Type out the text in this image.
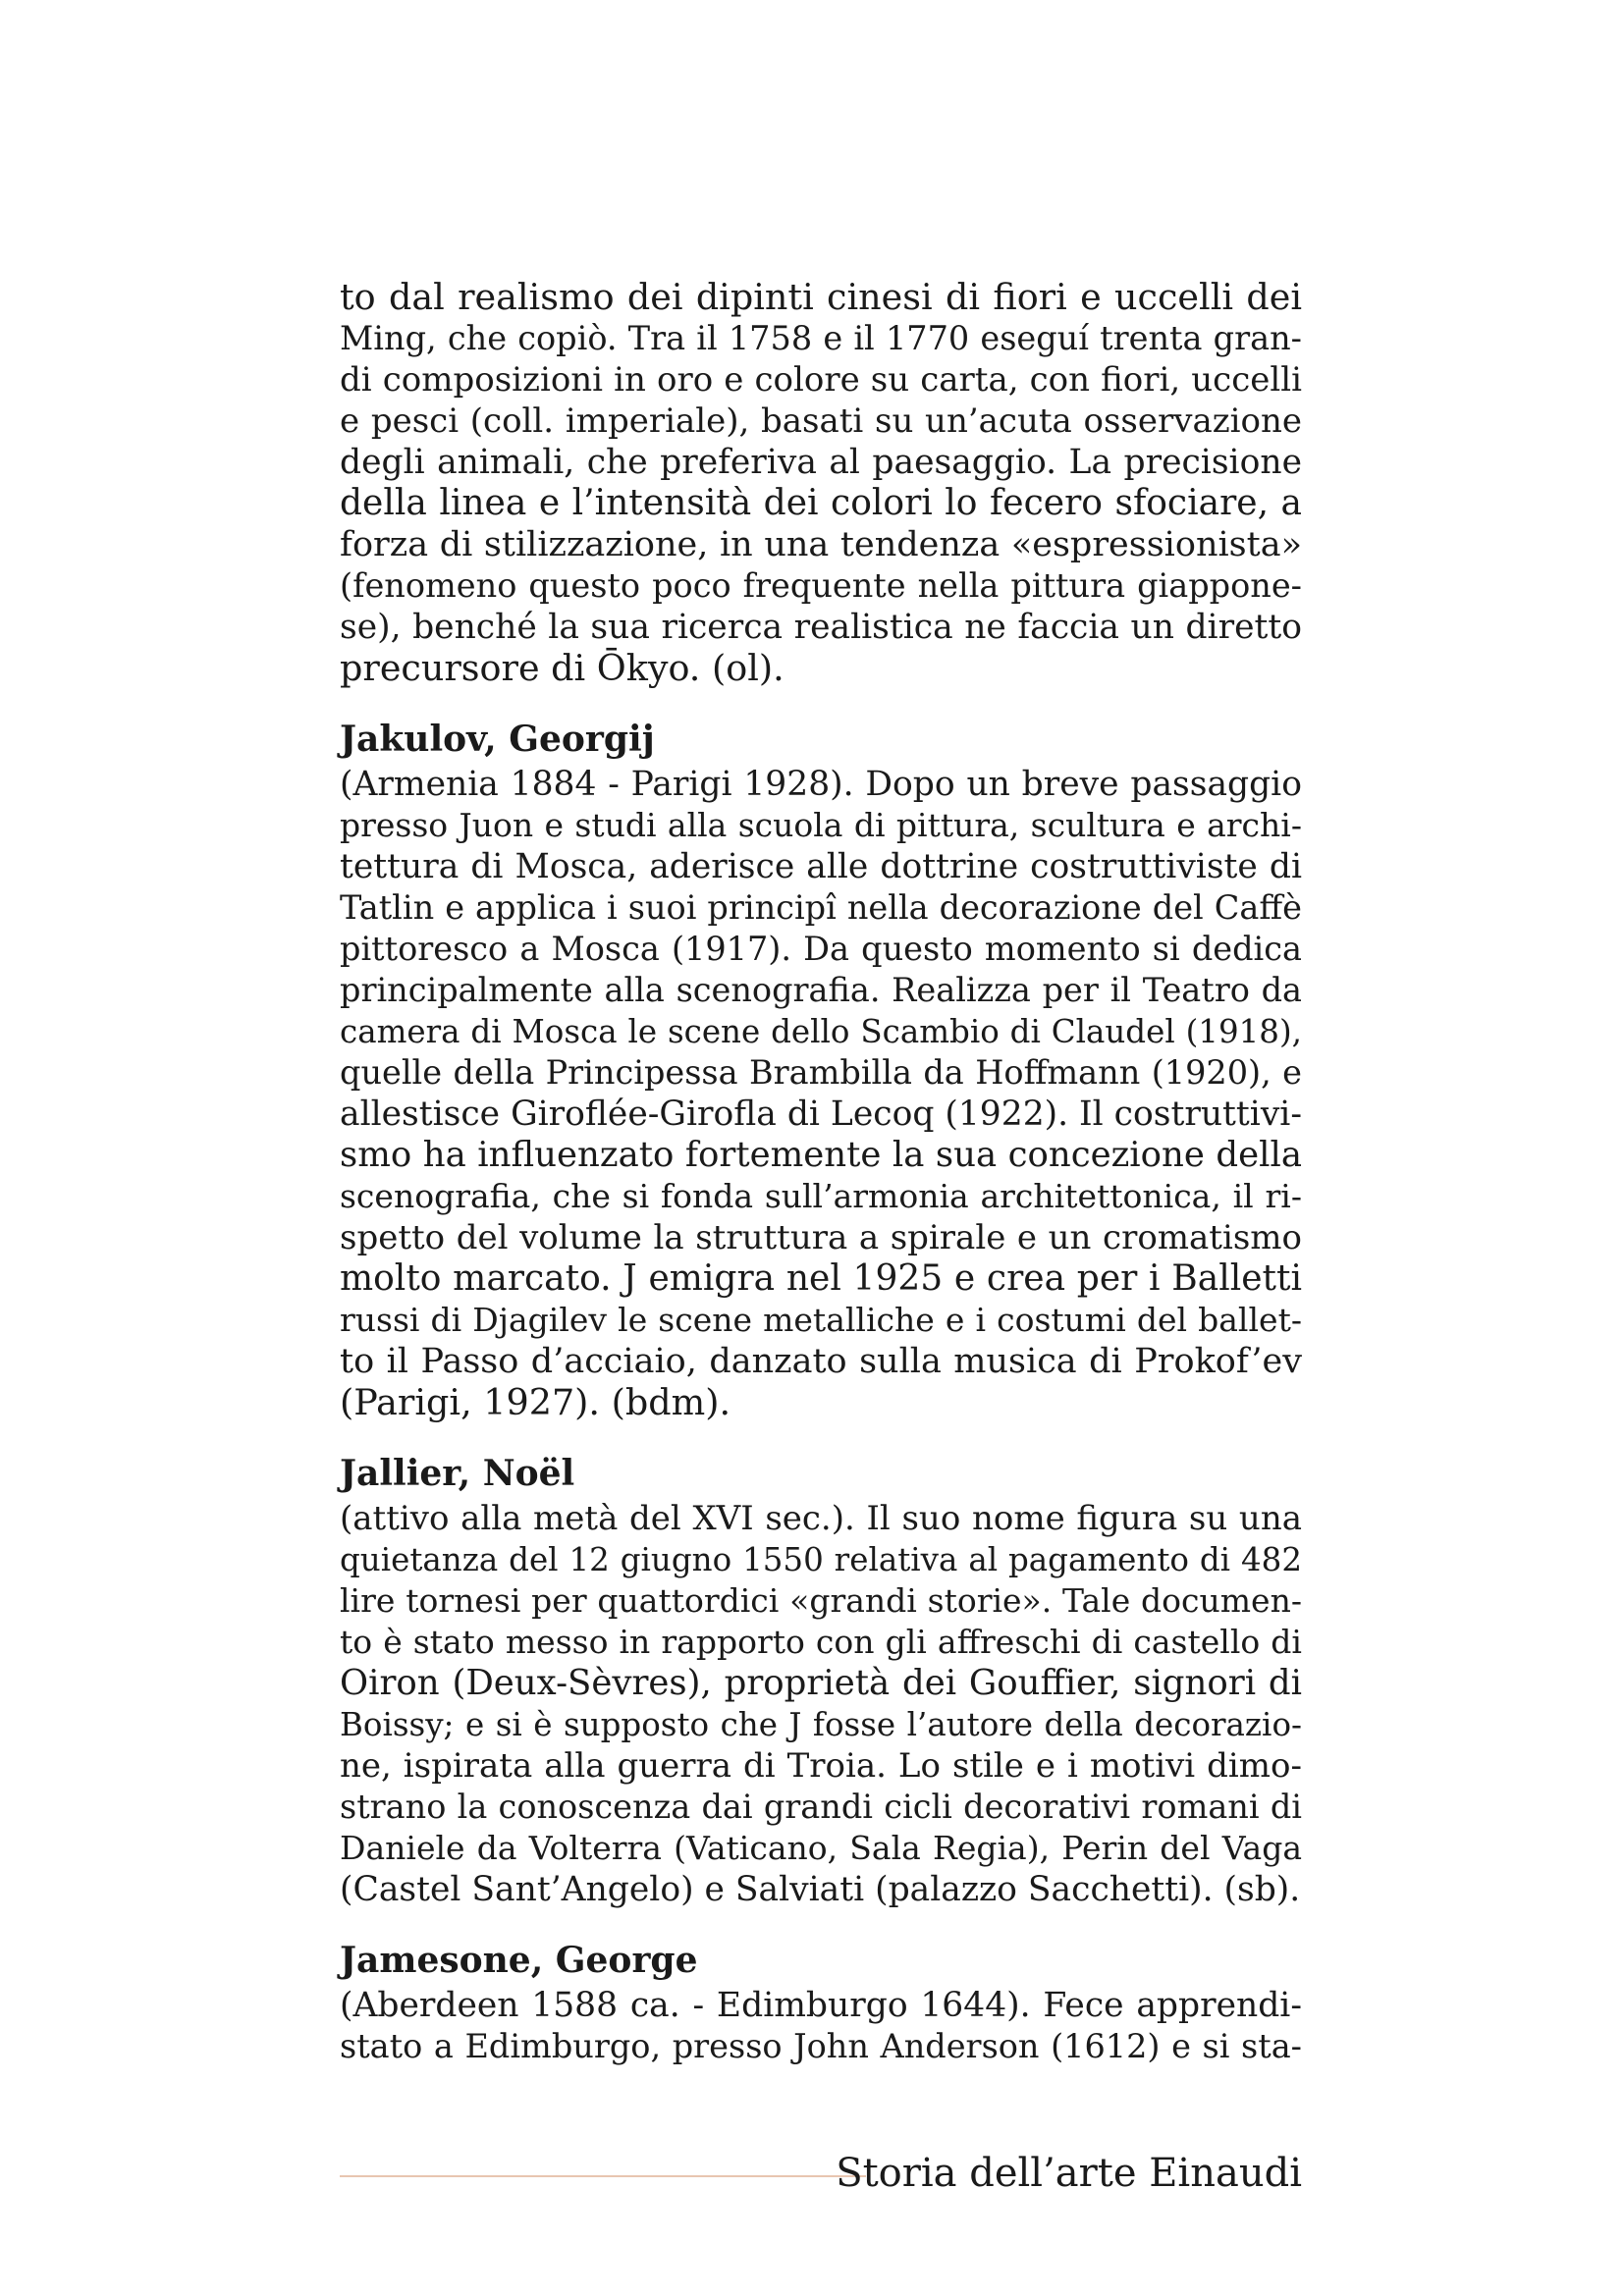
to dal realismo dei dipinti cinesi di fiori e uccelli dei
Ming, che copiò. Tra il 1758 e il 1770 eseguí trenta gran-
di composizioni in oro e colore su carta, con fiori, uccelli
e pesci (coll. imperiale), basati su un’acuta osservazione
degli animali, che preferiva al paesaggio. La precisione
della linea e l’intensità dei colori lo fecero sfociare, a
forza di stilizzazione, in una tendenza «espressionista»
(fenomeno questo poco frequente nella pittura giappone-
se), benché la sua ricerca realistica ne faccia un diretto
precursore di Ōkyo. (ol).
Jakulov, Georgij
(Armenia 1884 - Parigi 1928). Dopo un breve passaggio
presso Juon e studi alla scuola di pittura, scultura e archi-
tettura di Mosca, aderisce alle dottrine costruttiviste di
Tatlin e applica i suoi principî nella decorazione del Caffè
pittoresco a Mosca (1917). Da questo momento si dedica
principalmente alla scenografia. Realizza per il Teatro da
camera di Mosca le scene dello Scambio di Claudel (1918),
quelle della Principessa Brambilla da Hoffmann (1920), e
allestisce Giroflée-Girofla di Lecoq (1922). Il costruttivi-
smo ha influenzato fortemente la sua concezione della
scenografia, che si fonda sull’armonia architettonica, il ri-
spetto del volume la struttura a spirale e un cromatismo
molto marcato. J emigra nel 1925 e crea per i Balletti
russi di Djagilev le scene metalliche e i costumi del ballet-
to il Passo d’acciaio, danzato sulla musica di Prokof’ev
(Parigi, 1927). (bdm).
Jallier, Noël
(attivo alla metà del XVI sec.). Il suo nome figura su una
quietanza del 12 giugno 1550 relativa al pagamento di 482
lire tornesi per quattordici «grandi storie». Tale documen-
to è stato messo in rapporto con gli affreschi di castello di
Oiron (Deux-Sèvres), proprietà dei Gouffier, signori di
Boissy; e si è supposto che J fosse l’autore della decorazio-
ne, ispirata alla guerra di Troia. Lo stile e i motivi dimo-
strano la conoscenza dai grandi cicli decorativi romani di
Daniele da Volterra (Vaticano, Sala Regia), Perin del Vaga
(Castel Sant’Angelo) e Salviati (palazzo Sacchetti). (sb).
Jamesone, George
(Aberdeen 1588 ca. - Edimburgo 1644). Fece apprendi-
stato a Edimburgo, presso John Anderson (1612) e si sta-
Storia dell’arte Einaudi
